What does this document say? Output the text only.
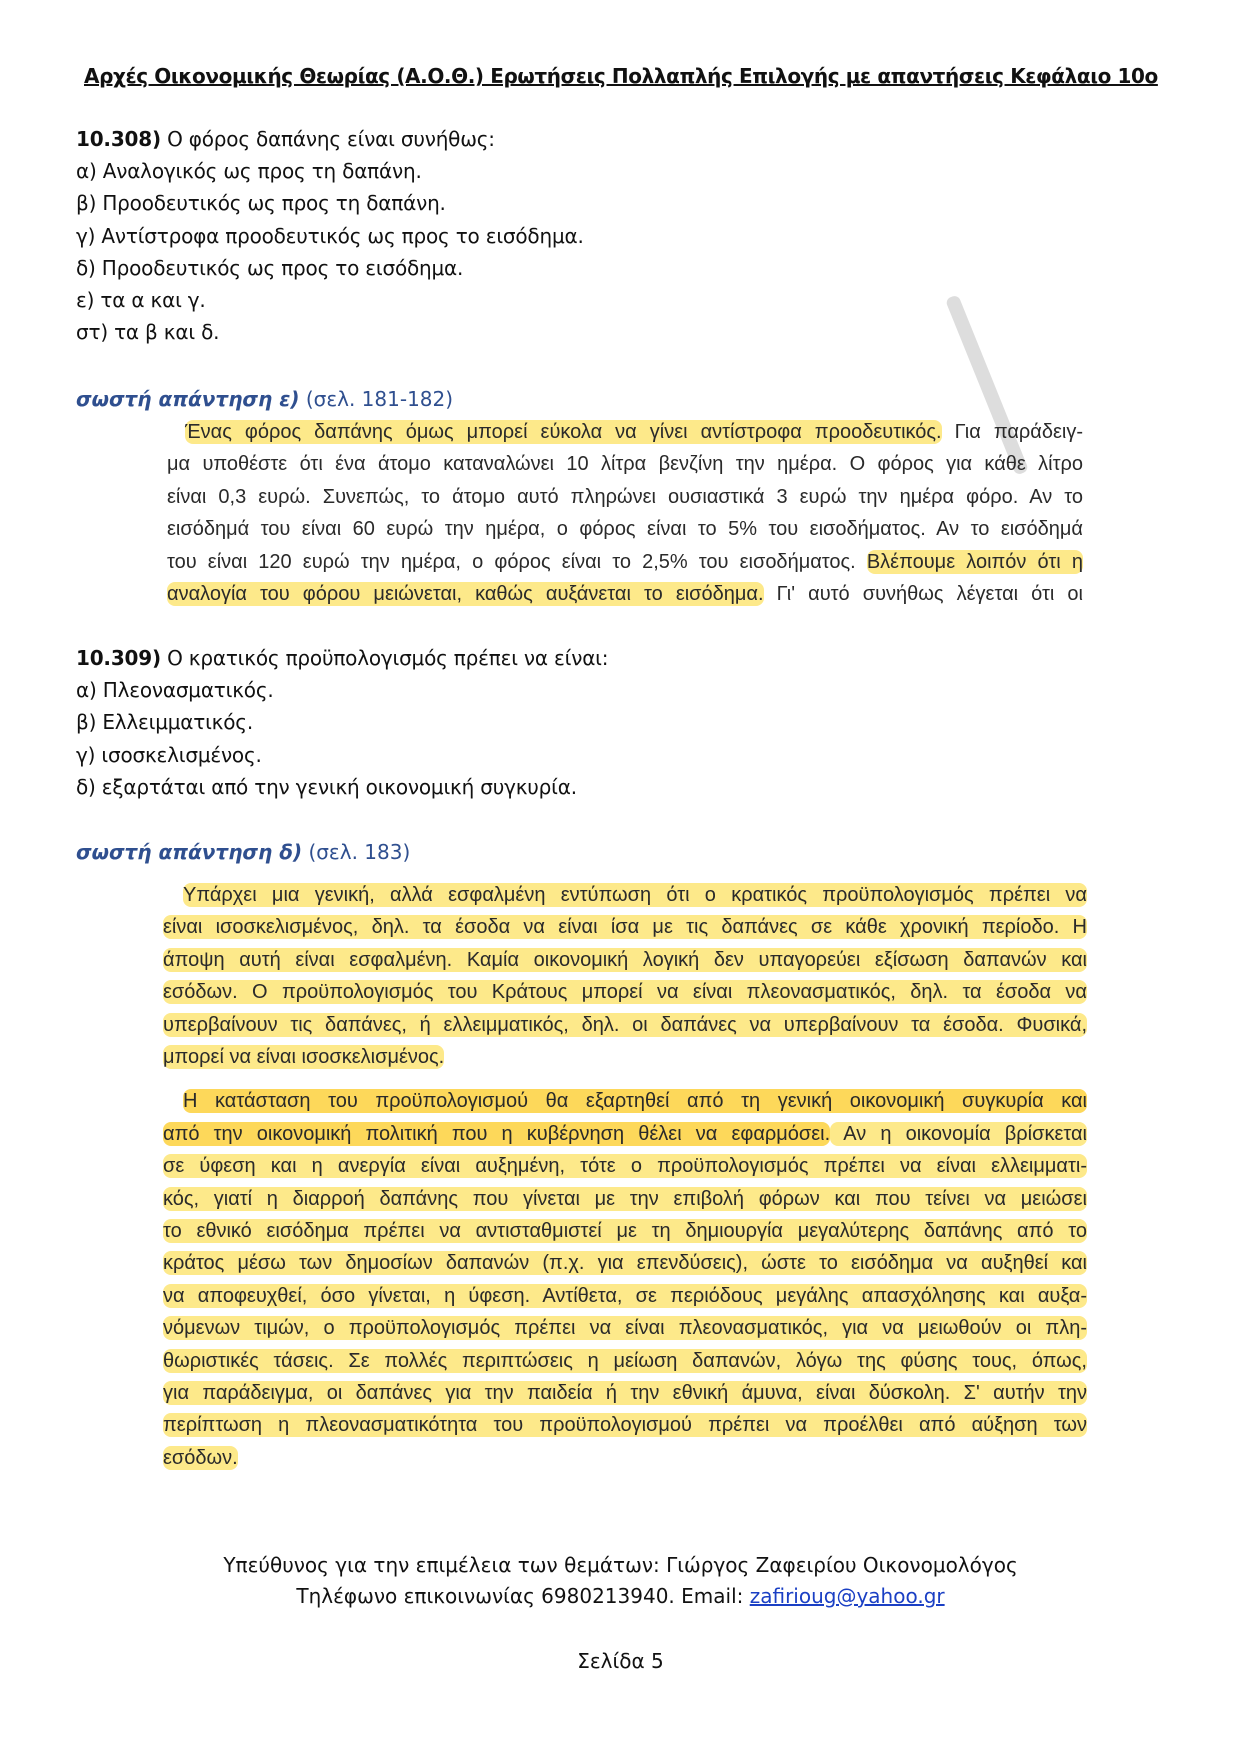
Αρχές Οικονομικής Θεωρίας (Α.Ο.Θ.) Ερωτήσεις Πολλαπλής Επιλογής με απαντήσεις Κεφάλαιο 10ο
10.308) Ο φόρος δαπάνης είναι συνήθως:
α) Αναλογικός ως προς τη δαπάνη.
β) Προοδευτικός ως προς τη δαπάνη.
γ) Αντίστροφα προοδευτικός ως προς το εισόδημα.
δ) Προοδευτικός ως προς το εισόδημα.
ε) τα α και γ.
στ) τα β και δ.
σωστή απάντηση ε) (σελ. 181-182)
Ένας φόρος δαπάνης όμως μπορεί εύκολα να γίνει αντίστροφα προοδευτικός. Για παράδειγ-
μα υποθέστε ότι ένα άτομο καταναλώνει 10 λίτρα βενζίνη την ημέρα. Ο φόρος για κάθε λίτρο
είναι 0,3 ευρώ. Συνεπώς, το άτομο αυτό πληρώνει ουσιαστικά 3 ευρώ την ημέρα φόρο. Αν το
εισόδημά του είναι 60 ευρώ την ημέρα, ο φόρος είναι το 5% του εισοδήματος. Αν το εισόδημά
του είναι 120 ευρώ την ημέρα, ο φόρος είναι το 2,5% του εισοδήματος. Βλέπουμε λοιπόν ότι η
αναλογία του φόρου μειώνεται, καθώς αυξάνεται το εισόδημα. Γι' αυτό συνήθως λέγεται ότι οι
10.309) Ο κρατικός προϋπολογισμός πρέπει να είναι:
α) Πλεονασματικός.
β) Ελλειμματικός.
γ) ισοσκελισμένος.
δ) εξαρτάται από την γενική οικονομική συγκυρία.
σωστή απάντηση δ) (σελ. 183)
Υπάρχει μια γενική, αλλά εσφαλμένη εντύπωση ότι ο κρατικός προϋπολογισμός πρέπει να
είναι ισοσκελισμένος, δηλ. τα έσοδα να είναι ίσα με τις δαπάνες σε κάθε χρονική περίοδο. Η
άποψη αυτή είναι εσφαλμένη. Καμία οικονομική λογική δεν υπαγορεύει εξίσωση δαπανών και
εσόδων. Ο προϋπολογισμός του Κράτους μπορεί να είναι πλεονασματικός, δηλ. τα έσοδα να
υπερβαίνουν τις δαπάνες, ή ελλειμματικός, δηλ. οι δαπάνες να υπερβαίνουν τα έσοδα. Φυσικά,
μπορεί να είναι ισοσκελισμένος.
Η κατάσταση του προϋπολογισμού θα εξαρτηθεί από τη γενική οικονομική συγκυρία και
από την οικονομική πολιτική που η κυβέρνηση θέλει να εφαρμόσει. Αν η οικονομία βρίσκεται
σε ύφεση και η ανεργία είναι αυξημένη, τότε ο προϋπολογισμός πρέπει να είναι ελλειμματι-
κός, γιατί η διαρροή δαπάνης που γίνεται με την επιβολή φόρων και που τείνει να μειώσει
το εθνικό εισόδημα πρέπει να αντισταθμιστεί με τη δημιουργία μεγαλύτερης δαπάνης από το
κράτος μέσω των δημοσίων δαπανών (π.χ. για επενδύσεις), ώστε το εισόδημα να αυξηθεί και
να αποφευχθεί, όσο γίνεται, η ύφεση. Αντίθετα, σε περιόδους μεγάλης απασχόλησης και αυξα-
νόμενων τιμών, ο προϋπολογισμός πρέπει να είναι πλεονασματικός, για να μειωθούν οι πλη-
θωριστικές τάσεις. Σε πολλές περιπτώσεις η μείωση δαπανών, λόγω της φύσης τους, όπως,
για παράδειγμα, οι δαπάνες για την παιδεία ή την εθνική άμυνα, είναι δύσκολη. Σ' αυτήν την
περίπτωση η πλεονασματικότητα του προϋπολογισμού πρέπει να προέλθει από αύξηση των
εσόδων.
Υπεύθυνος για την επιμέλεια των θεμάτων: Γιώργος Ζαφειρίου Οικονομολόγος
Τηλέφωνο επικοινωνίας 6980213940. Email: zafirioug@yahoo.gr
Σελίδα 5
